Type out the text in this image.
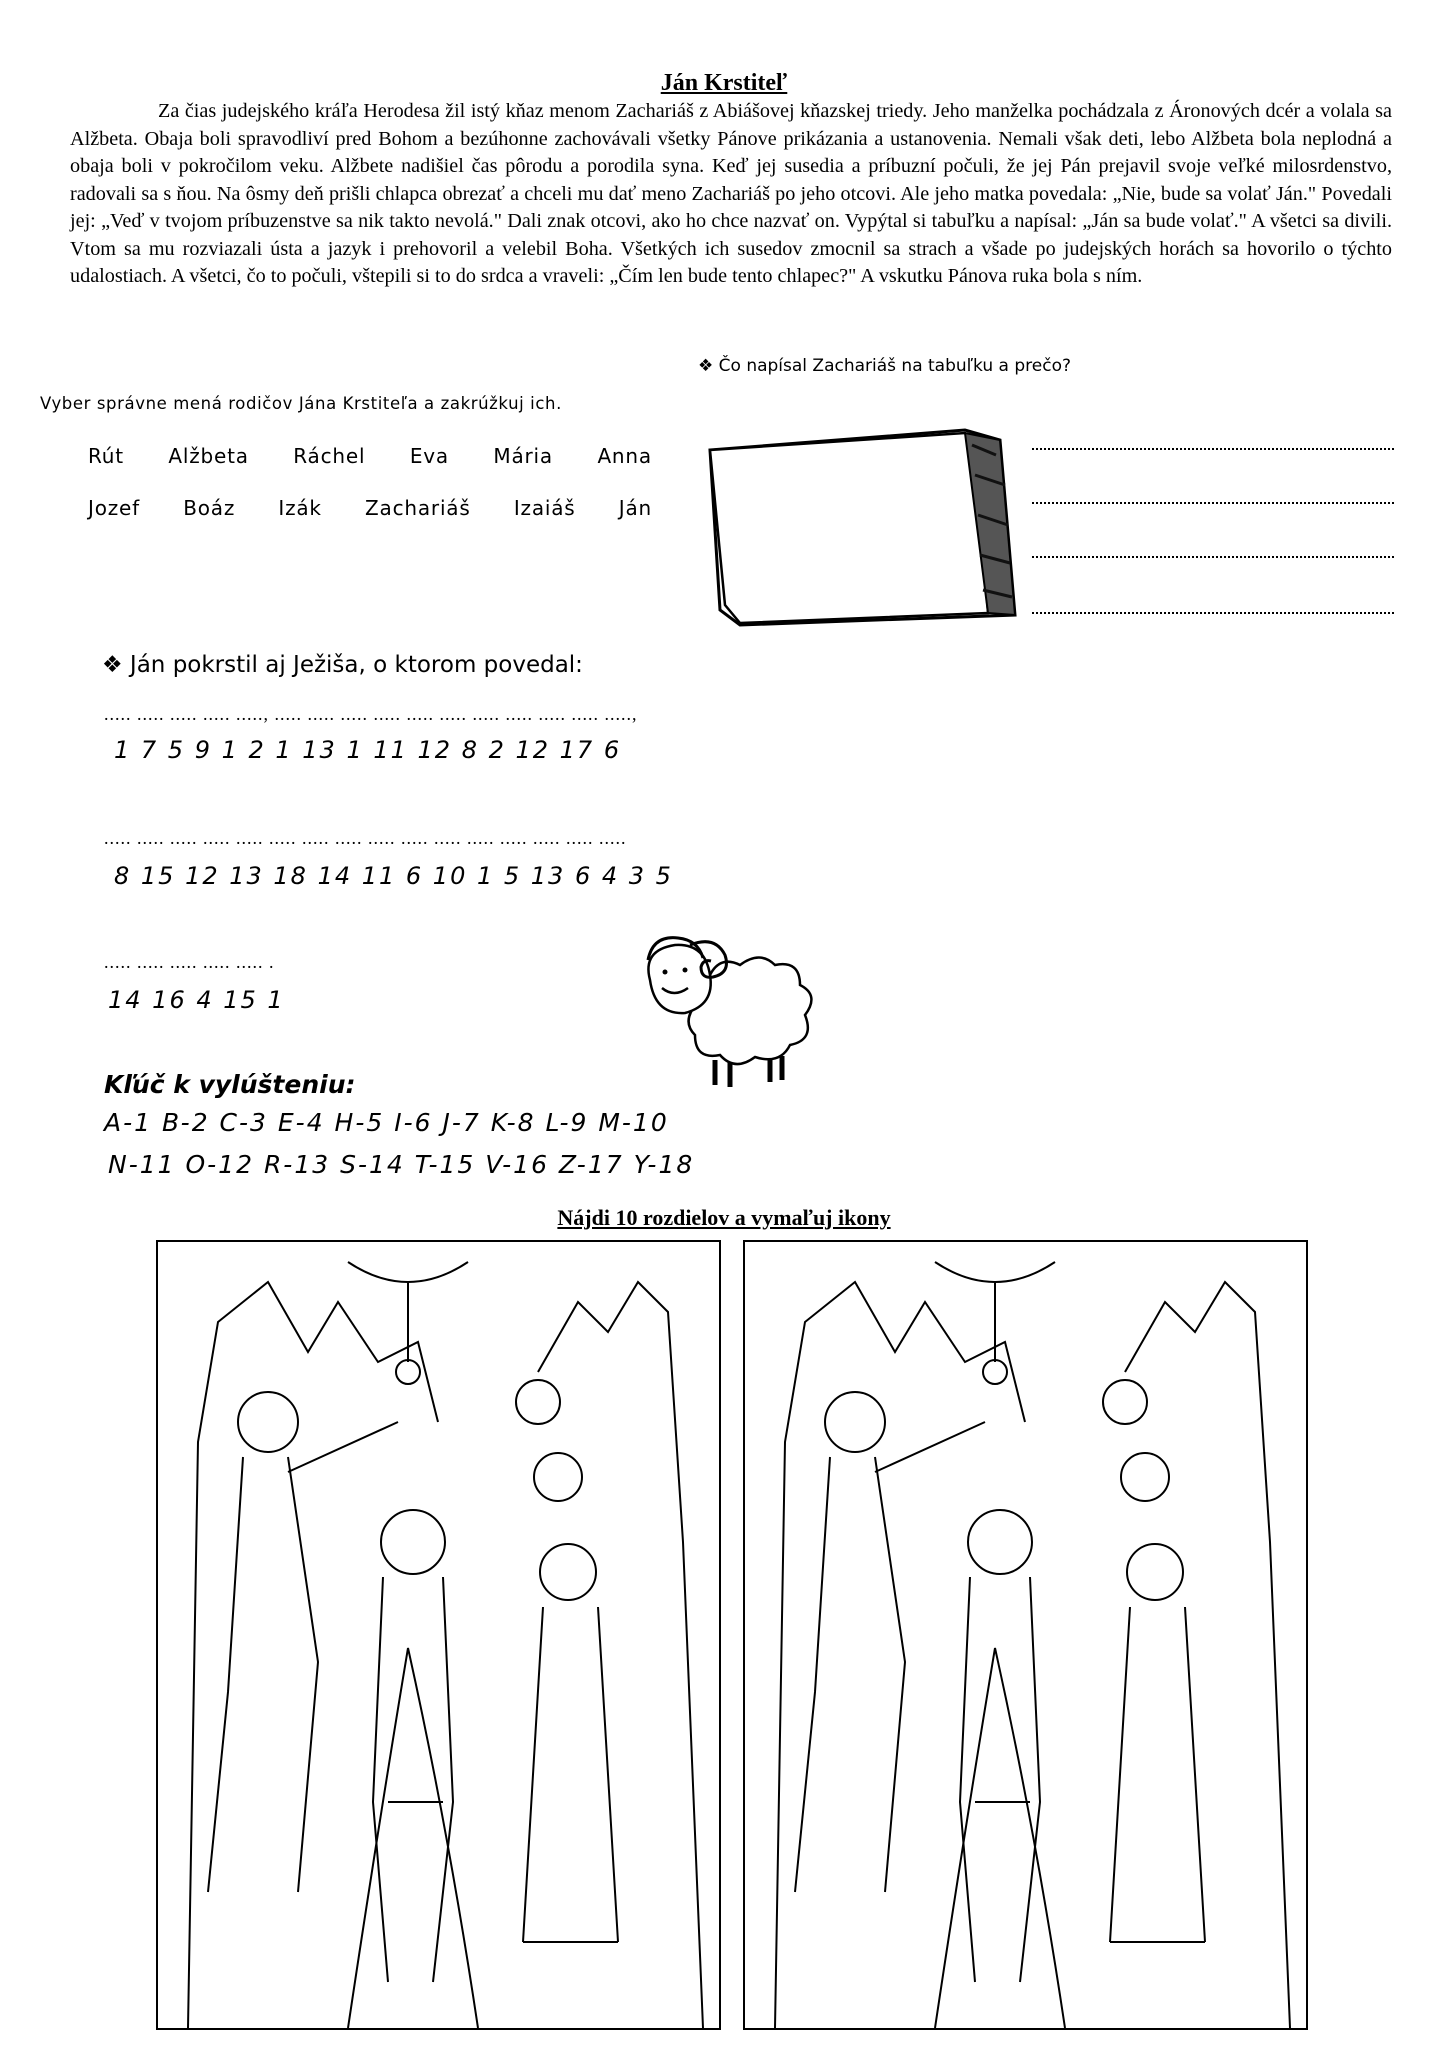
Ján Krstiteľ
Za čias judejského kráľa Herodesa žil istý kňaz menom Zachariáš z Abiášovej kňazskej triedy. Jeho manželka pochádzala z Áronových dcér a volala sa Alžbeta. Obaja boli spravodliví pred Bohom a bezúhonne zachovávali všetky Pánove prikázania a ustanovenia. Nemali však deti, lebo Alžbeta bola neplodná a obaja boli v pokročilom veku. Alžbete nadišiel čas pôrodu a porodila syna. Keď jej susedia a príbuzní počuli, že jej Pán prejavil svoje veľké milosrdenstvo, radovali sa s ňou. Na ôsmy deň prišli chlapca obrezať a chceli mu dať meno Zachariáš po jeho otcovi. Ale jeho matka povedala: „Nie, bude sa volať Ján." Povedali jej: „Veď v tvojom príbuzenstve sa nik takto nevolá." Dali znak otcovi, ako ho chce nazvať on. Vypýtal si tabuľku a napísal: „Ján sa bude volať." A všetci sa divili. Vtom sa mu rozviazali ústa a jazyk i prehovoril a velebil Boha. Všetkých ich susedov zmocnil sa strach a všade po judejských horách sa hovorilo o týchto udalostiach. A všetci, čo to počuli, vštepili si to do srdca a vraveli: „Čím len bude tento chlapec?" A vskutku Pánova ruka bola s ním.
❖ Čo napísal Zachariáš na tabuľku a prečo?
Vyber správne mená rodičov Jána Krstiteľa a zakrúžkuj ich.
Rút	Alžbeta	Ráchel	Eva	Mária	Anna
Jozef	Boáz	Izák	Zachariáš	Izaiáš	Ján
❖ Ján pokrstil aj Ježiša, o ktorom povedal:
..... ..... ..... ..... ....., ..... ..... ..... ..... ..... ..... ..... ..... ..... ..... .....,
1 7 5 9 1 2 1 13 1 11 12 8 2 12 17 6
..... ..... ..... ..... ..... ..... ..... ..... ..... ..... ..... ..... ..... ..... ..... .....
8 15 12 13 18 14 11 6 10 1 5 13 6 4 3 5
..... ..... ..... ..... ..... .
14 16 4 15 1
Kľúč k vylúšteniu:
A-1 B-2 C-3 E-4 H-5 I-6 J-7 K-8 L-9 M-10
N-11 O-12 R-13 S-14 T-15 V-16 Z-17 Y-18
Nájdi 10 rozdielov a vymaľuj ikony
